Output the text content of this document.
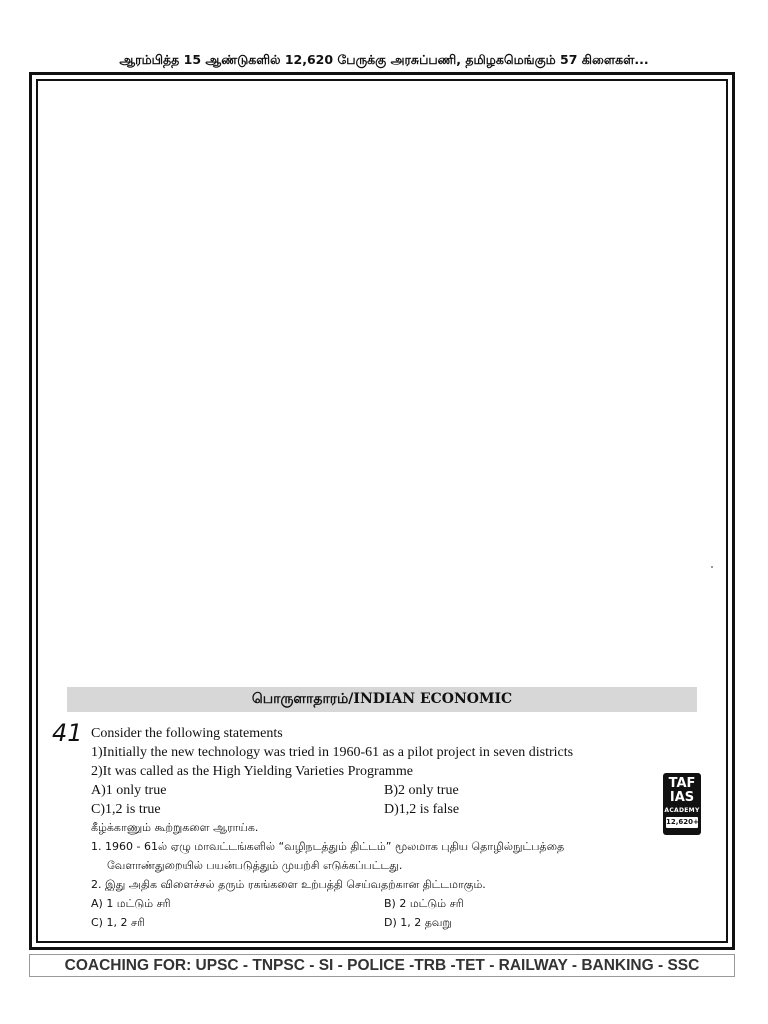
ஆரம்பித்த 15 ஆண்டுகளில் 12,620 பேருக்கு அரசுப்பணி, தமிழகமெங்கும் 57 கிளைகள்...
பொருளாதாரம்/INDIAN ECONOMIC
41 Consider the following statements
1)Initially the new technology was tried in 1960-61 as a pilot project in seven districts
2)It was called as the High Yielding Varieties Programme
A)1 only true	B)2 only true
C)1,2 is true	D)1,2 is false
கீழ்க்காணும் கூற்றுகளை ஆராய்க.
1. 1960 - 61ல் ஏழு மாவட்டங்களில் “வழிநடத்தும் திட்டம்” மூலமாக புதிய தொழில்நுட்பத்தை
வேளாண்துறையில் பயன்படுத்தும் முயற்சி எடுக்கப்பட்டது.
2. இது அதிக விளைச்சல் தரும் ரகங்களை உற்பத்தி செய்வதற்கான திட்டமாகும்.
A) 1 மட்டும் சரி	B) 2 மட்டும் சரி
C) 1, 2 சரி	D) 1, 2 தவறு
TAF
IAS
ACADEMY
12,620+
COACHING FOR: UPSC - TNPSC - SI - POLICE -TRB -TET - RAILWAY - BANKING - SSC
